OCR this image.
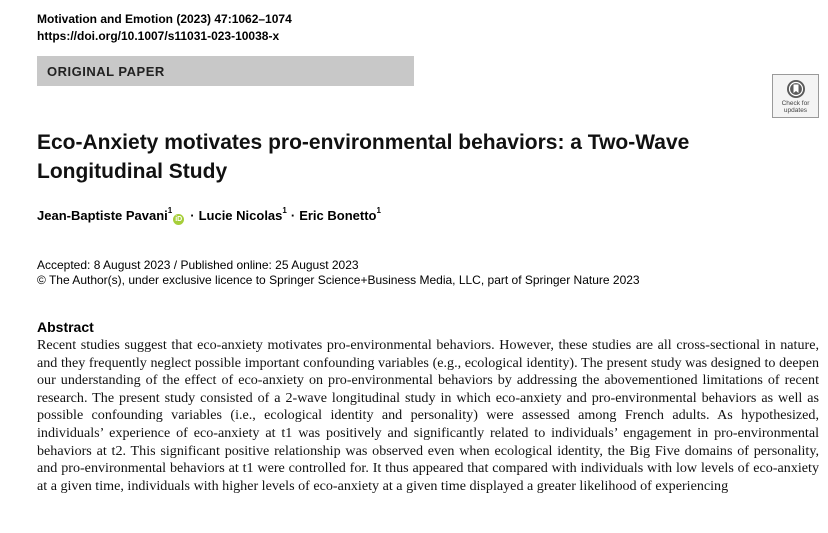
Motivation and Emotion (2023) 47:1062–1074
https://doi.org/10.1007/s11031-023-10038-x
ORIGINAL PAPER
Check for
updates
Eco-Anxiety motivates pro-environmental behaviors: a Two-Wave Longitudinal Study
Jean-Baptiste Pavani$^1$iD · Lucie Nicolas$^1$ · Eric Bonetto$^1$
Accepted: 8 August 2023 / Published online: 25 August 2023
© The Author(s), under exclusive licence to Springer Science+Business Media, LLC, part of Springer Nature 2023
Abstract
Recent studies suggest that eco-anxiety motivates pro-environmental behaviors. However, these studies are all cross-sectional in nature, and they frequently neglect possible important confounding variables (e.g., ecological identity). The present study was designed to deepen our understanding of the effect of eco-anxiety on pro-environmental behaviors by addressing the abovementioned limitations of recent research. The present study consisted of a 2-wave longitudinal study in which eco-anxiety and pro-environmental behaviors as well as possible confounding variables (i.e., ecological identity and personality) were assessed among French adults. As hypothesized, individuals’ experience of eco-anxiety at t1 was positively and significantly related to individuals’ engagement in pro-environmental behaviors at t2. This significant positive relationship was observed even when ecological identity, the Big Five domains of personality, and pro-environmental behaviors at t1 were controlled for. It thus appeared that compared with individuals with low levels of eco-anxiety at a given time, individuals with higher levels of eco-anxiety at a given time displayed a greater likelihood of experiencing
